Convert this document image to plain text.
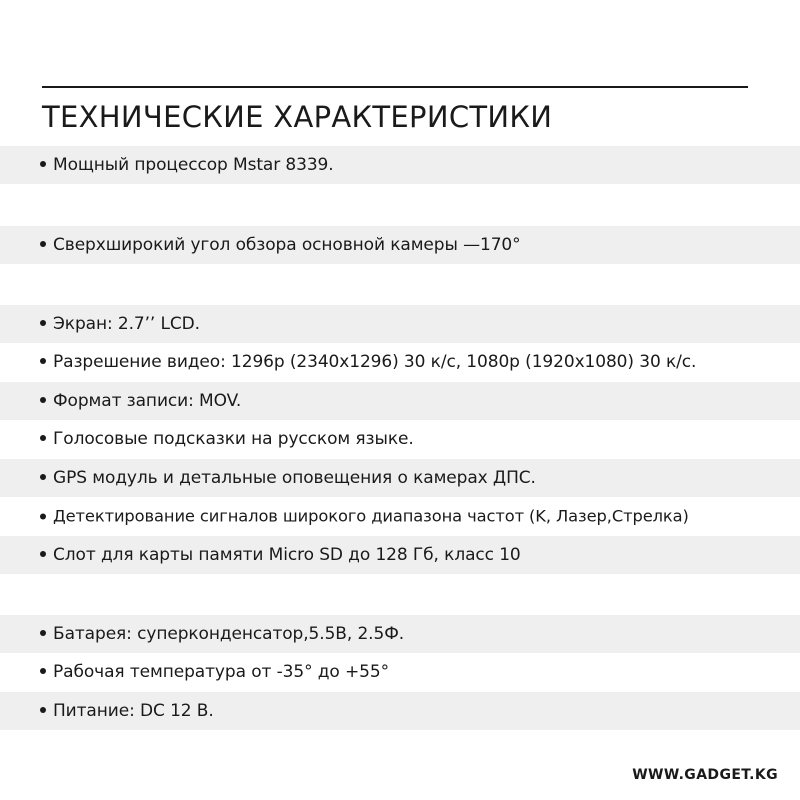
ТЕХНИЧЕСКИЕ ХАРАКТЕРИСТИКИ
Мощный процессор Mstar 8339.
Сверхширокий угол обзора основной камеры —170°
Экран: 2.7’’ LCD.
Разрешение видео: 1296p (2340x1296) 30 к/с, 1080p (1920x1080) 30 к/с.
Формат записи: MOV.
Голосовые подсказки на русском языке.
GPS модуль и детальные оповещения о камерах ДПС.
Детектирование сигналов широкого диапазона частот (K, Лазер,Стрелка)
Слот для карты памяти Micro SD до 128 Гб, класс 10
Батарея: суперконденсатор,5.5В, 2.5Ф.
Рабочая температура от -35° до +55°
Питание: DC 12 В.
WWW.GADGET.KG
